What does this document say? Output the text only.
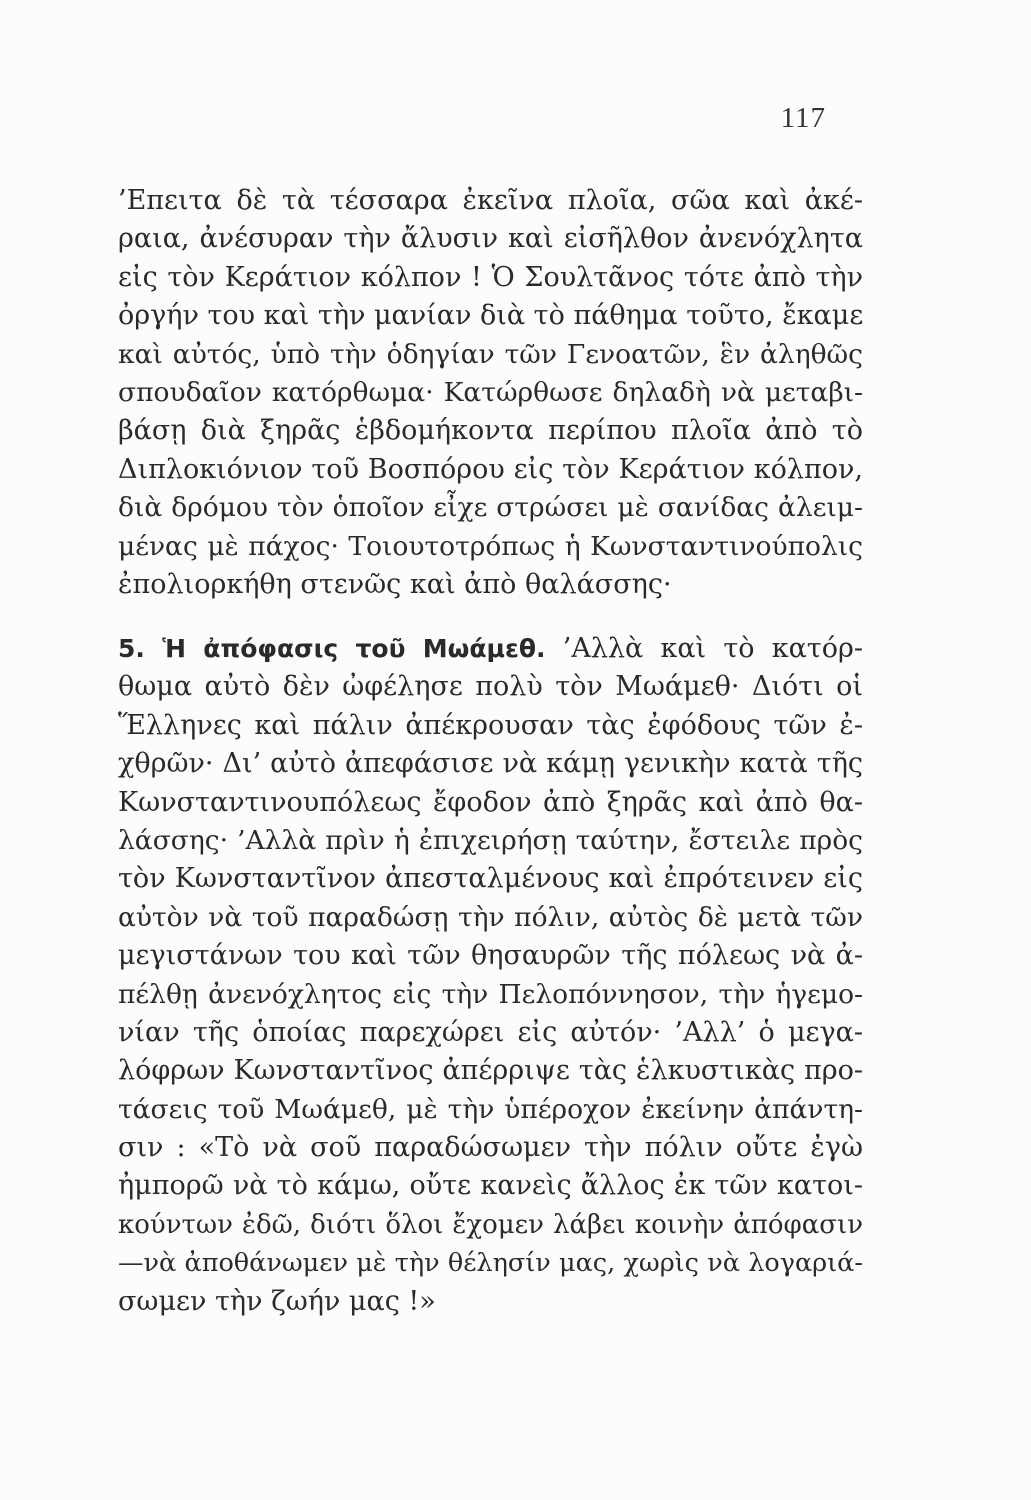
117
’Επειτα δὲ τὰ τέσσαρα ἐκεῖνα πλοῖα, σῶα καὶ ἀκέ-
ραια, ἀνέσυραν τὴν ἄλυσιν καὶ εἰσῆλθον ἀνενόχλητα
εἰς τὸν Κεράτιον κόλπον ! Ὁ Σουλτᾶνος τότε ἀπὸ τὴν
ὀργήν του καὶ τὴν μανίαν διὰ τὸ πάθημα τοῦτο, ἔκαμε
καὶ αὐτός, ὑπὸ τὴν ὁδηγίαν τῶν Γενοατῶν, ἓν ἀληθῶς
σπουδαῖον κατόρθωμα· Κατώρθωσε δηλαδὴ νὰ μεταβι-
βάσῃ διὰ ξηρᾶς ἑβδομήκοντα περίπου πλοῖα ἀπὸ τὸ
Διπλοκιόνιον τοῦ Βοσπόρου εἰς τὸν Κεράτιον κόλπον,
διὰ δρόμου τὸν ὁποῖον εἶχε στρώσει μὲ σανίδας ἀλειμ-
μένας μὲ πάχος· Τοιουτοτρόπως ἡ Κωνσταντινούπολις
ἐπολιορκήθη στενῶς καὶ ἀπὸ θαλάσσης·
5. Ἡ ἀπόφασις τοῦ Μωάμεθ. ’Αλλὰ καὶ τὸ κατόρ-
θωμα αὐτὸ δὲν ὠφέλησε πολὺ τὸν Μωάμεθ· Διότι οἱ
Ἕλληνες καὶ πάλιν ἀπέκρουσαν τὰς ἐφόδους τῶν ἐ-
χθρῶν· Δι’ αὐτὸ ἀπεφάσισε νὰ κάμῃ γενικὴν κατὰ τῆς
Κωνσταντινουπόλεως ἔφοδον ἀπὸ ξηρᾶς καὶ ἀπὸ θα-
λάσσης· ’Αλλὰ πρὶν ἡ ἐπιχειρήσῃ ταύτην, ἔστειλε πρὸς
τὸν Κωνσταντῖνον ἀπεσταλμένους καὶ ἐπρότεινεν εἰς
αὐτὸν νὰ τοῦ παραδώσῃ τὴν πόλιν, αὐτὸς δὲ μετὰ τῶν
μεγιστάνων του καὶ τῶν θησαυρῶν τῆς πόλεως νὰ ἀ-
πέλθῃ ἀνενόχλητος εἰς τὴν Πελοπόννησον, τὴν ἡγεμο-
νίαν τῆς ὁποίας παρεχώρει εἰς αὐτόν· ’Αλλ’ ὁ μεγα-
λόφρων Κωνσταντῖνος ἀπέρριψε τὰς ἑλκυστικὰς προ-
τάσεις τοῦ Μωάμεθ, μὲ τὴν ὑπέροχον ἐκείνην ἀπάντη-
σιν : «Τὸ νὰ σοῦ παραδώσωμεν τὴν πόλιν οὔτε ἐγὼ
ἠμπορῶ νὰ τὸ κάμω, οὔτε κανεὶς ἄλλος ἐκ τῶν κατοι-
κούντων ἐδῶ, διότι ὅλοι ἔχομεν λάβει κοινὴν ἀπόφασιν
—νὰ ἀποθάνωμεν μὲ τὴν θέλησίν μας, χωρὶς νὰ λογαριά-
σωμεν τὴν ζωήν μας !»
